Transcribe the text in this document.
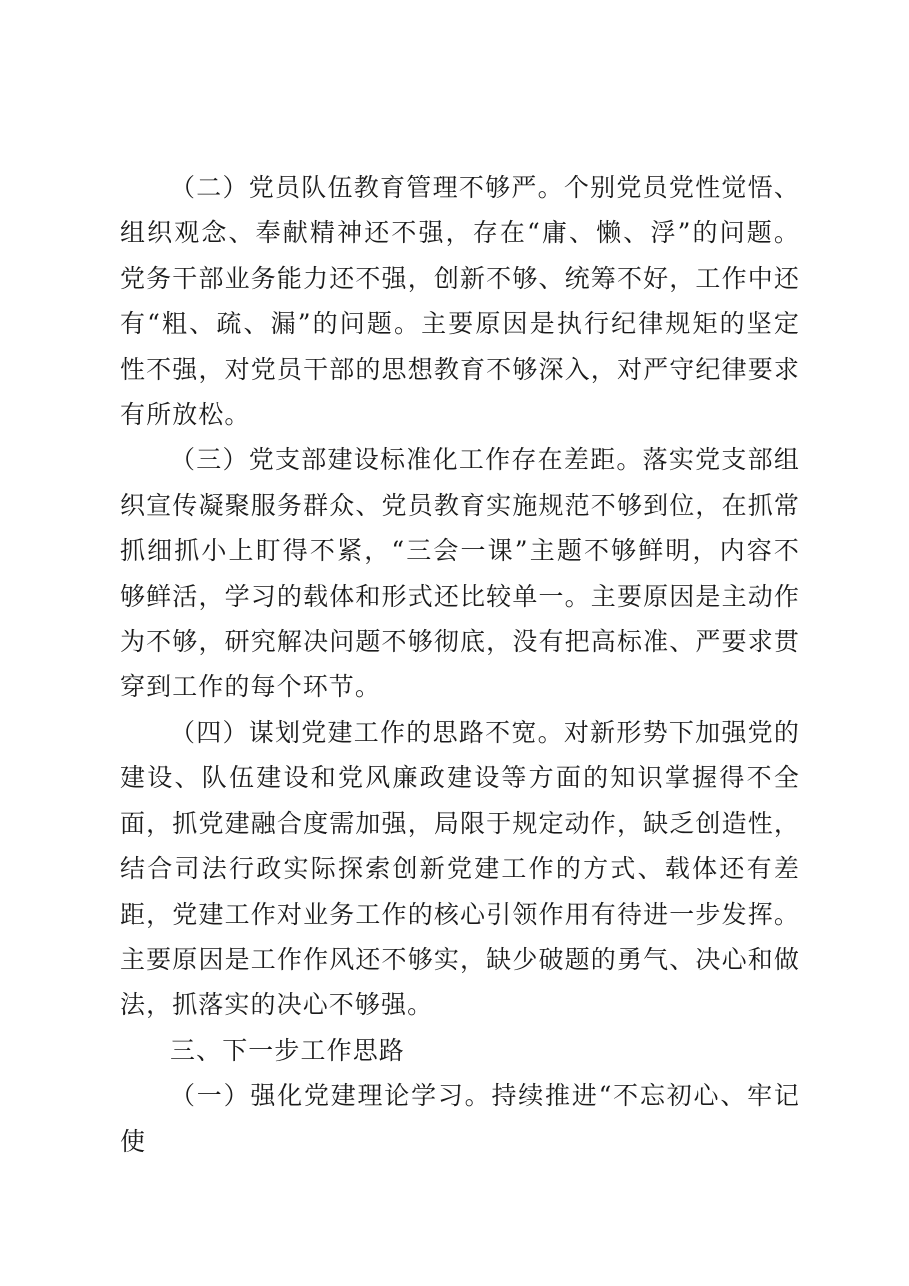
（二）党员队伍教育管理不够严。个别党员党性觉悟、组织观念、奉献精神还不强，存在“庸、懒、浮”的问题。党务干部业务能力还不强，创新不够、统筹不好，工作中还有“粗、疏、漏”的问题。主要原因是执行纪律规矩的坚定性不强，对党员干部的思想教育不够深入，对严守纪律要求有所放松。

（三）党支部建设标准化工作存在差距。落实党支部组织宣传凝聚服务群众、党员教育实施规范不够到位，在抓常抓细抓小上盯得不紧，“三会一课”主题不够鲜明，内容不够鲜活，学习的载体和形式还比较单一。主要原因是主动作为不够，研究解决问题不够彻底，没有把高标准、严要求贯穿到工作的每个环节。

（四）谋划党建工作的思路不宽。对新形势下加强党的建设、队伍建设和党风廉政建设等方面的知识掌握得不全面，抓党建融合度需加强，局限于规定动作，缺乏创造性，结合司法行政实际探索创新党建工作的方式、载体还有差距，党建工作对业务工作的核心引领作用有待进一步发挥。主要原因是工作作风还不够实，缺少破题的勇气、决心和做法，抓落实的决心不够强。

三、下一步工作思路

（一）强化党建理论学习。持续推进“不忘初心、牢记使
